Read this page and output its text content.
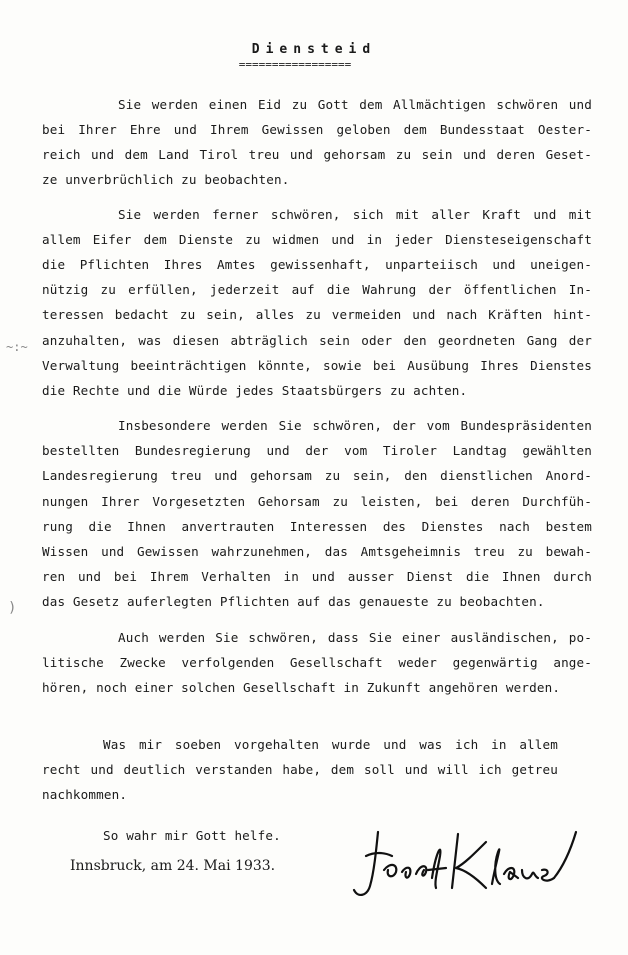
Diensteid
=================
Sie werden einen Eid zu Gott dem Allmächtigen schwören und
bei Ihrer Ehre und Ihrem Gewissen geloben dem Bundesstaat Oester-
reich und dem Land Tirol treu und gehorsam zu sein und deren Geset-
ze unverbrüchlich zu beobachten.
Sie werden ferner schwören, sich mit aller Kraft und mit
allem Eifer dem Dienste zu widmen und in jeder Diensteseigenschaft
die Pflichten Ihres Amtes gewissenhaft, unparteiisch und uneigen-
nützig zu erfüllen, jederzeit auf die Wahrung der öffentlichen In-
teressen bedacht zu sein, alles zu vermeiden und nach Kräften hint-
anzuhalten, was diesen abträglich sein oder den geordneten Gang der
Verwaltung beeinträchtigen könnte, sowie bei Ausübung Ihres Dienstes
die Rechte und die Würde jedes Staatsbürgers zu achten.
Insbesondere werden Sie schwören, der vom Bundespräsidenten
bestellten Bundesregierung und der vom Tiroler Landtag gewählten
Landesregierung treu und gehorsam zu sein, den dienstlichen Anord-
nungen Ihrer Vorgesetzten Gehorsam zu leisten, bei deren Durchfüh-
rung die Ihnen anvertrauten Interessen des Dienstes nach bestem
Wissen und Gewissen wahrzunehmen, das Amtsgeheimnis treu zu bewah-
ren und bei Ihrem Verhalten in und ausser Dienst die Ihnen durch
das Gesetz auferlegten Pflichten auf das genaueste zu beobachten.
Auch werden Sie schwören, dass Sie einer ausländischen, po-
litische Zwecke verfolgenden Gesellschaft weder gegenwärtig ange-
hören, noch einer solchen Gesellschaft in Zukunft angehören werden.
Was mir soeben vorgehalten wurde und was ich in allem
recht und deutlich verstanden habe, dem soll und will ich getreu
nachkommen.
So wahr mir Gott helfe.
Innsbruck, am 24. Mai 1933.
~:~
)
